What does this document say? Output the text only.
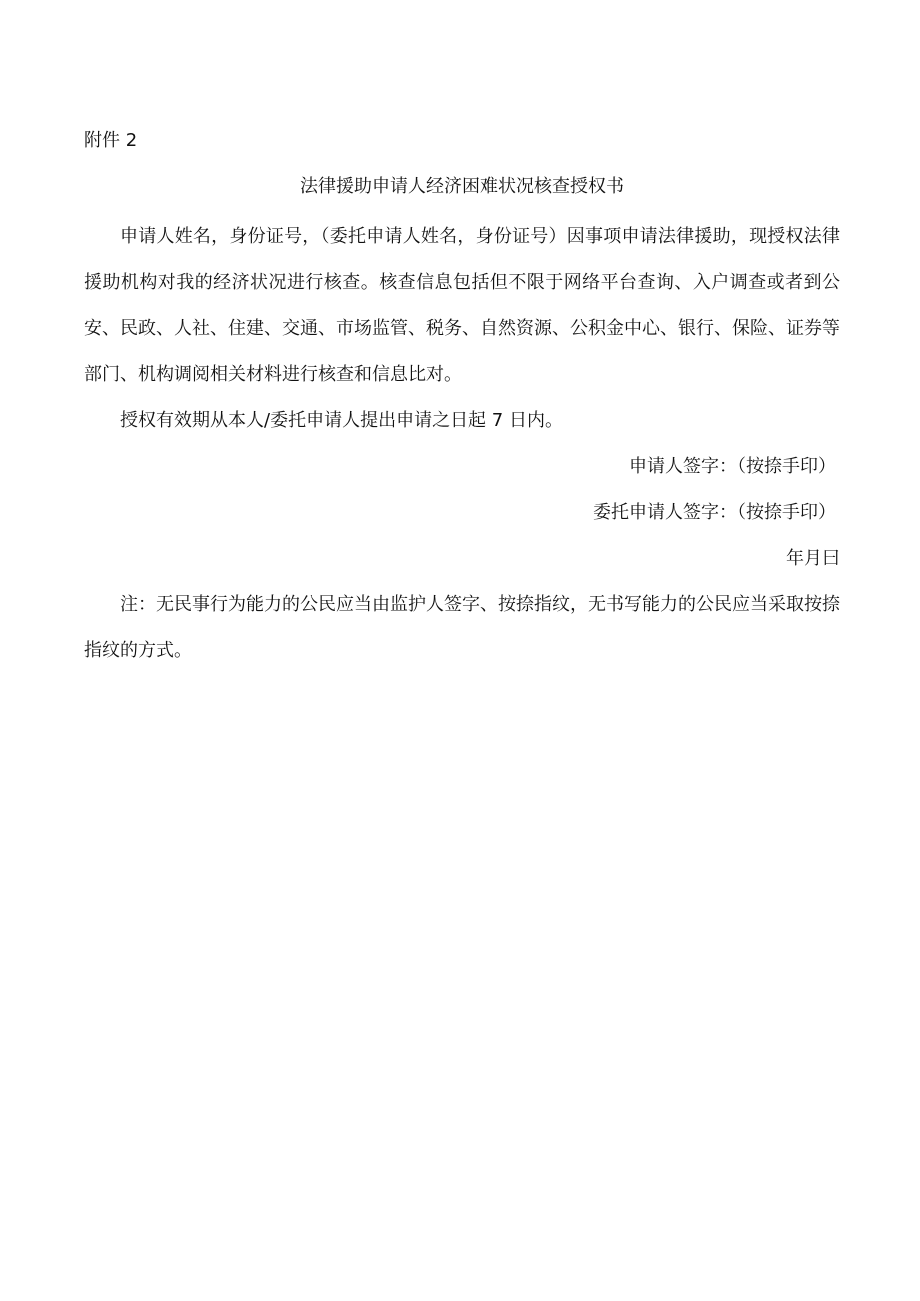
附件 2

法律援助申请人经济困难状况核查授权书

申请人姓名，身份证号，（委托申请人姓名，身份证号）因事项申请法律援助，现授权法律援助机构对我的经济状况进行核查。核查信息包括但不限于网络平台查询、入户调查或者到公安、民政、人社、住建、交通、市场监管、税务、自然资源、公积金中心、银行、保险、证券等部门、机构调阅相关材料进行核查和信息比对。

授权有效期从本人/委托申请人提出申请之日起 7 日内。

申请人签字：（按捺手印）

委托申请人签字：（按捺手印）

年月曰

注：无民事行为能力的公民应当由监护人签字、按捺指纹，无书写能力的公民应当采取按捺指纹的方式。
